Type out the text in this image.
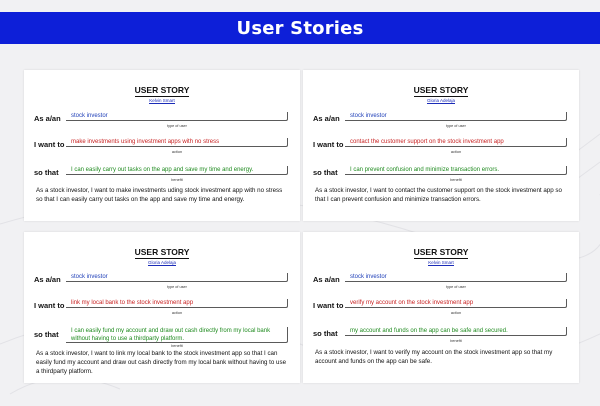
User Stories
USER STORY
Kelvin Smart
As a/an	stock investor
type of user
I want to	make investments using investment apps with no stress
action
so that	I can easily carry out tasks on the app and save my time and energy.
benefit
As a stock investor, I want to make investments uding stock investment app with no stress so that I can easily carry out tasks on the app and save my time and energy.
USER STORY
Gloria Adelaja
As a/an	stock investor
type of user
I want to	contact the customer support on the stock investment app
action
so that	I can prevent confusion and minimize transaction errors.
benefit
As a stock investor, I want to contact the customer support on the stock investment app so that I can prevent confusion and minimize transaction errors.
USER STORY
Gloria Adelaja
As a/an	stock investor
type of user
I want to	link my local bank to the stock investment app
action
so that	I can easily fund my account and draw out cash directly from my local bank without having to use a thirdparty platform.
benefit
As a stock investor, I want to link my local bank to the stock investment app so that I can easily fund my account and draw out cash directly from my local bank without having to use a thirdparty platform.
USER STORY
Kelvin Smart
As a/an	stock investor
type of user
I want to	verify my account on the stock investment app
action
so that	my account and funds on the app can be safe and secured.
benefit
As a stock investor, I want to verify my account on the stock investment app so that my account and funds on the app can be safe.
